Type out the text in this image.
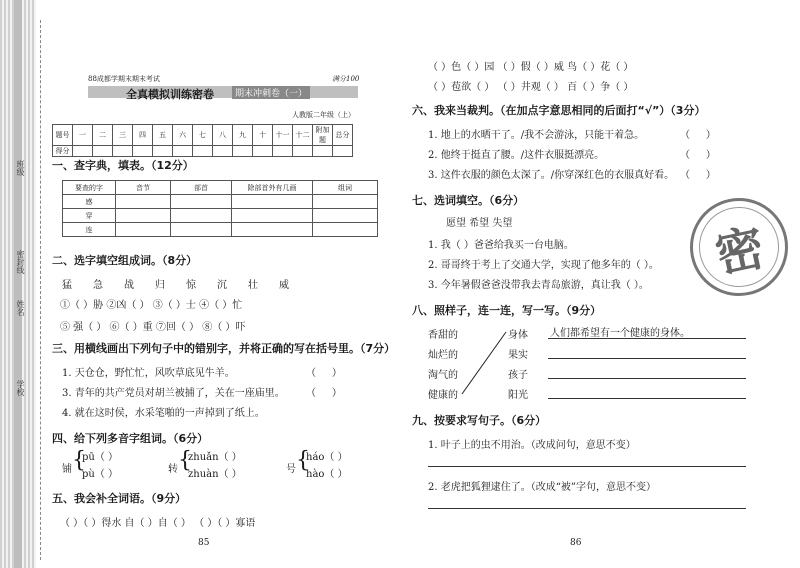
学校
姓名
密封线
班级
88成都学期末期末考试	满分100
全真模拟训练密卷	期末冲刺卷（一）
人教版二年级（上）
题号	一	二	三	四	五	六	七	八	九	十	十一	十二	附加题	总分
得分														
一、查字典，填表。（12分）
要查的字	音节	部首	除部首外有几画	组词
感				
穿				
连				
二、选字填空组成词。（8分）
猛 急 战 归 惊 沉 壮 威
①（ ）胁 ②凶（ ） ③（ ）士 ④（ ）忙
⑤ 强（ ） ⑥（ ）重 ⑦回（ ） ⑧（ ）吓
三、用横线画出下列句子中的错别字，并将正确的写在括号里。（7分）
1. 天仓仓，野忙忙，风吹草底见牛羊。	（     ）
3. 青年的共产党员对胡兰被捕了，关在一座庙里。 （     ）
4. 就在这时侯，水采笔啪的一声掉到了纸上。
四、给下列多音字组词。（6分）
铺 {
pū（ ）
pù（ ）	转 {
zhuǎn（ ）
zhuàn（ ）	号 {
háo（ ）
hào（ ）
五、我会补全词语。（9分）
（ ）（ ）得水 自（ ）自（ ） （ ）（ ）寡语
85
（ ）色（ ）园 （ ）假（ ）威 鸟（ ）花（ ）
（ ）苞欲（ ） （ ）井观（ ） 百（ ）争（ ）
六、我来当裁判。（在加点字意思相同的后面打“√”）（3分）
1. 地上的水晒干了。/我不会游泳，只能干着急。	（     ）
2. 他终于挺直了腰。/这件衣服挺漂亮。	（     ）
3. 这件衣服的颜色太深了。/你穿深红色的衣服真好看。 （     ）
七、选词填空。（6分）
愿望 希望 失望
1. 我（ ）爸爸给我买一台电脑。
2. 哥哥终于考上了交通大学，实现了他多年的（ ）。
3. 今年暑假爸爸没带我去青岛旅游，真让我（ ）。
密
八、照样子，连一连，写一写。（9分）
香甜的
灿烂的
淘气的
健康的
身体
果实
孩子
阳光
人们都希望有一个健康的身体。
九、按要求写句子。（6分）
1. 叶子上的虫不用治。（改成问句，意思不变）
2. 老虎把狐狸逮住了。（改成“被”字句，意思不变）
86
